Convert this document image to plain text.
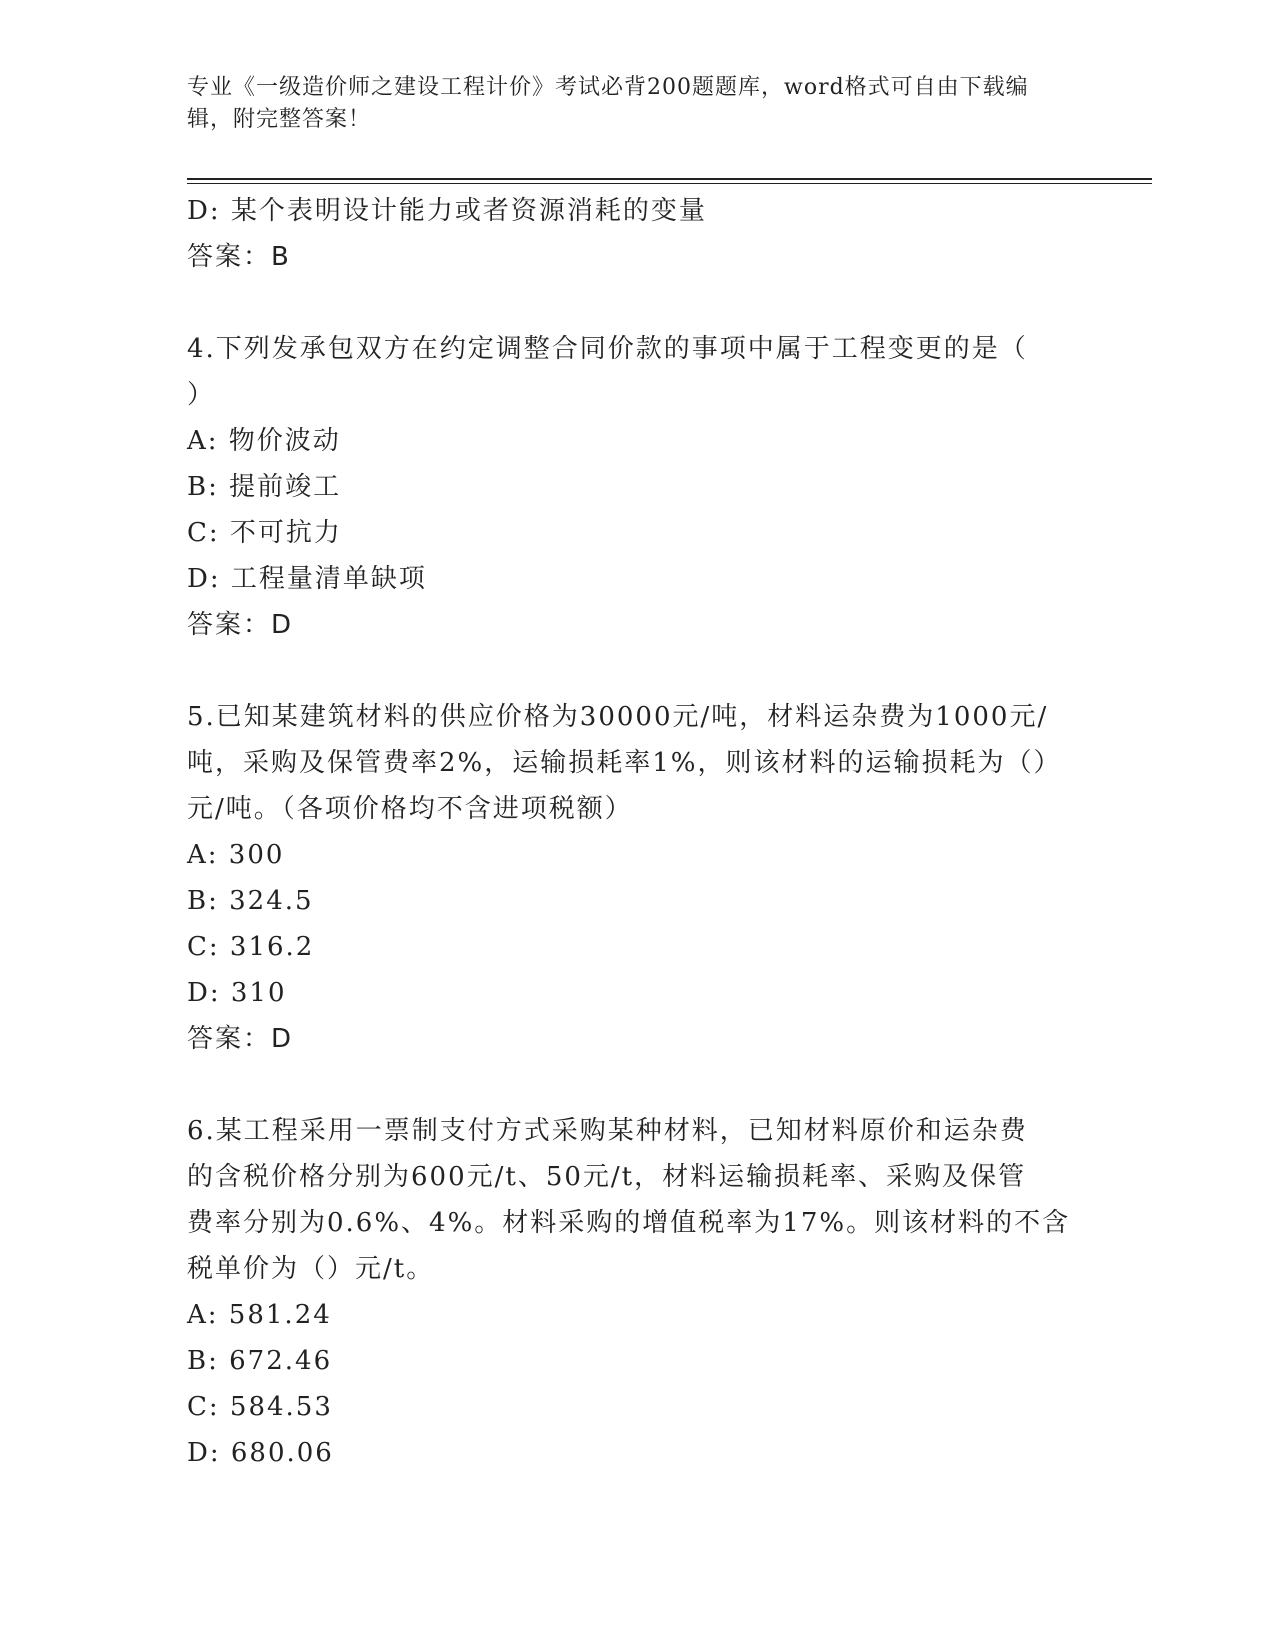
专业《一级造价师之建设工程计价》考试必背200题题库，word格式可自由下载编辑，附完整答案！
D: 某个表明设计能力或者资源消耗的变量
答案：B
4.下列发承包双方在约定调整合同价款的事项中属于工程变更的是（
）
A: 物价波动
B: 提前竣工
C: 不可抗力
D: 工程量清单缺项
答案：D
5.已知某建筑材料的供应价格为30000元/吨，材料运杂费为1000元/
吨，采购及保管费率2%，运输损耗率1%，则该材料的运输损耗为（）
元/吨。（各项价格均不含进项税额）
A: 300
B: 324.5
C: 316.2
D: 310
答案：D
6.某工程采用一票制支付方式采购某种材料，已知材料原价和运杂费
的含税价格分别为600元/t、50元/t，材料运输损耗率、采购及保管
费率分别为0.6%、4%。材料采购的增值税率为17%。则该材料的不含
税单价为（）元/t。
A: 581.24
B: 672.46
C: 584.53
D: 680.06
